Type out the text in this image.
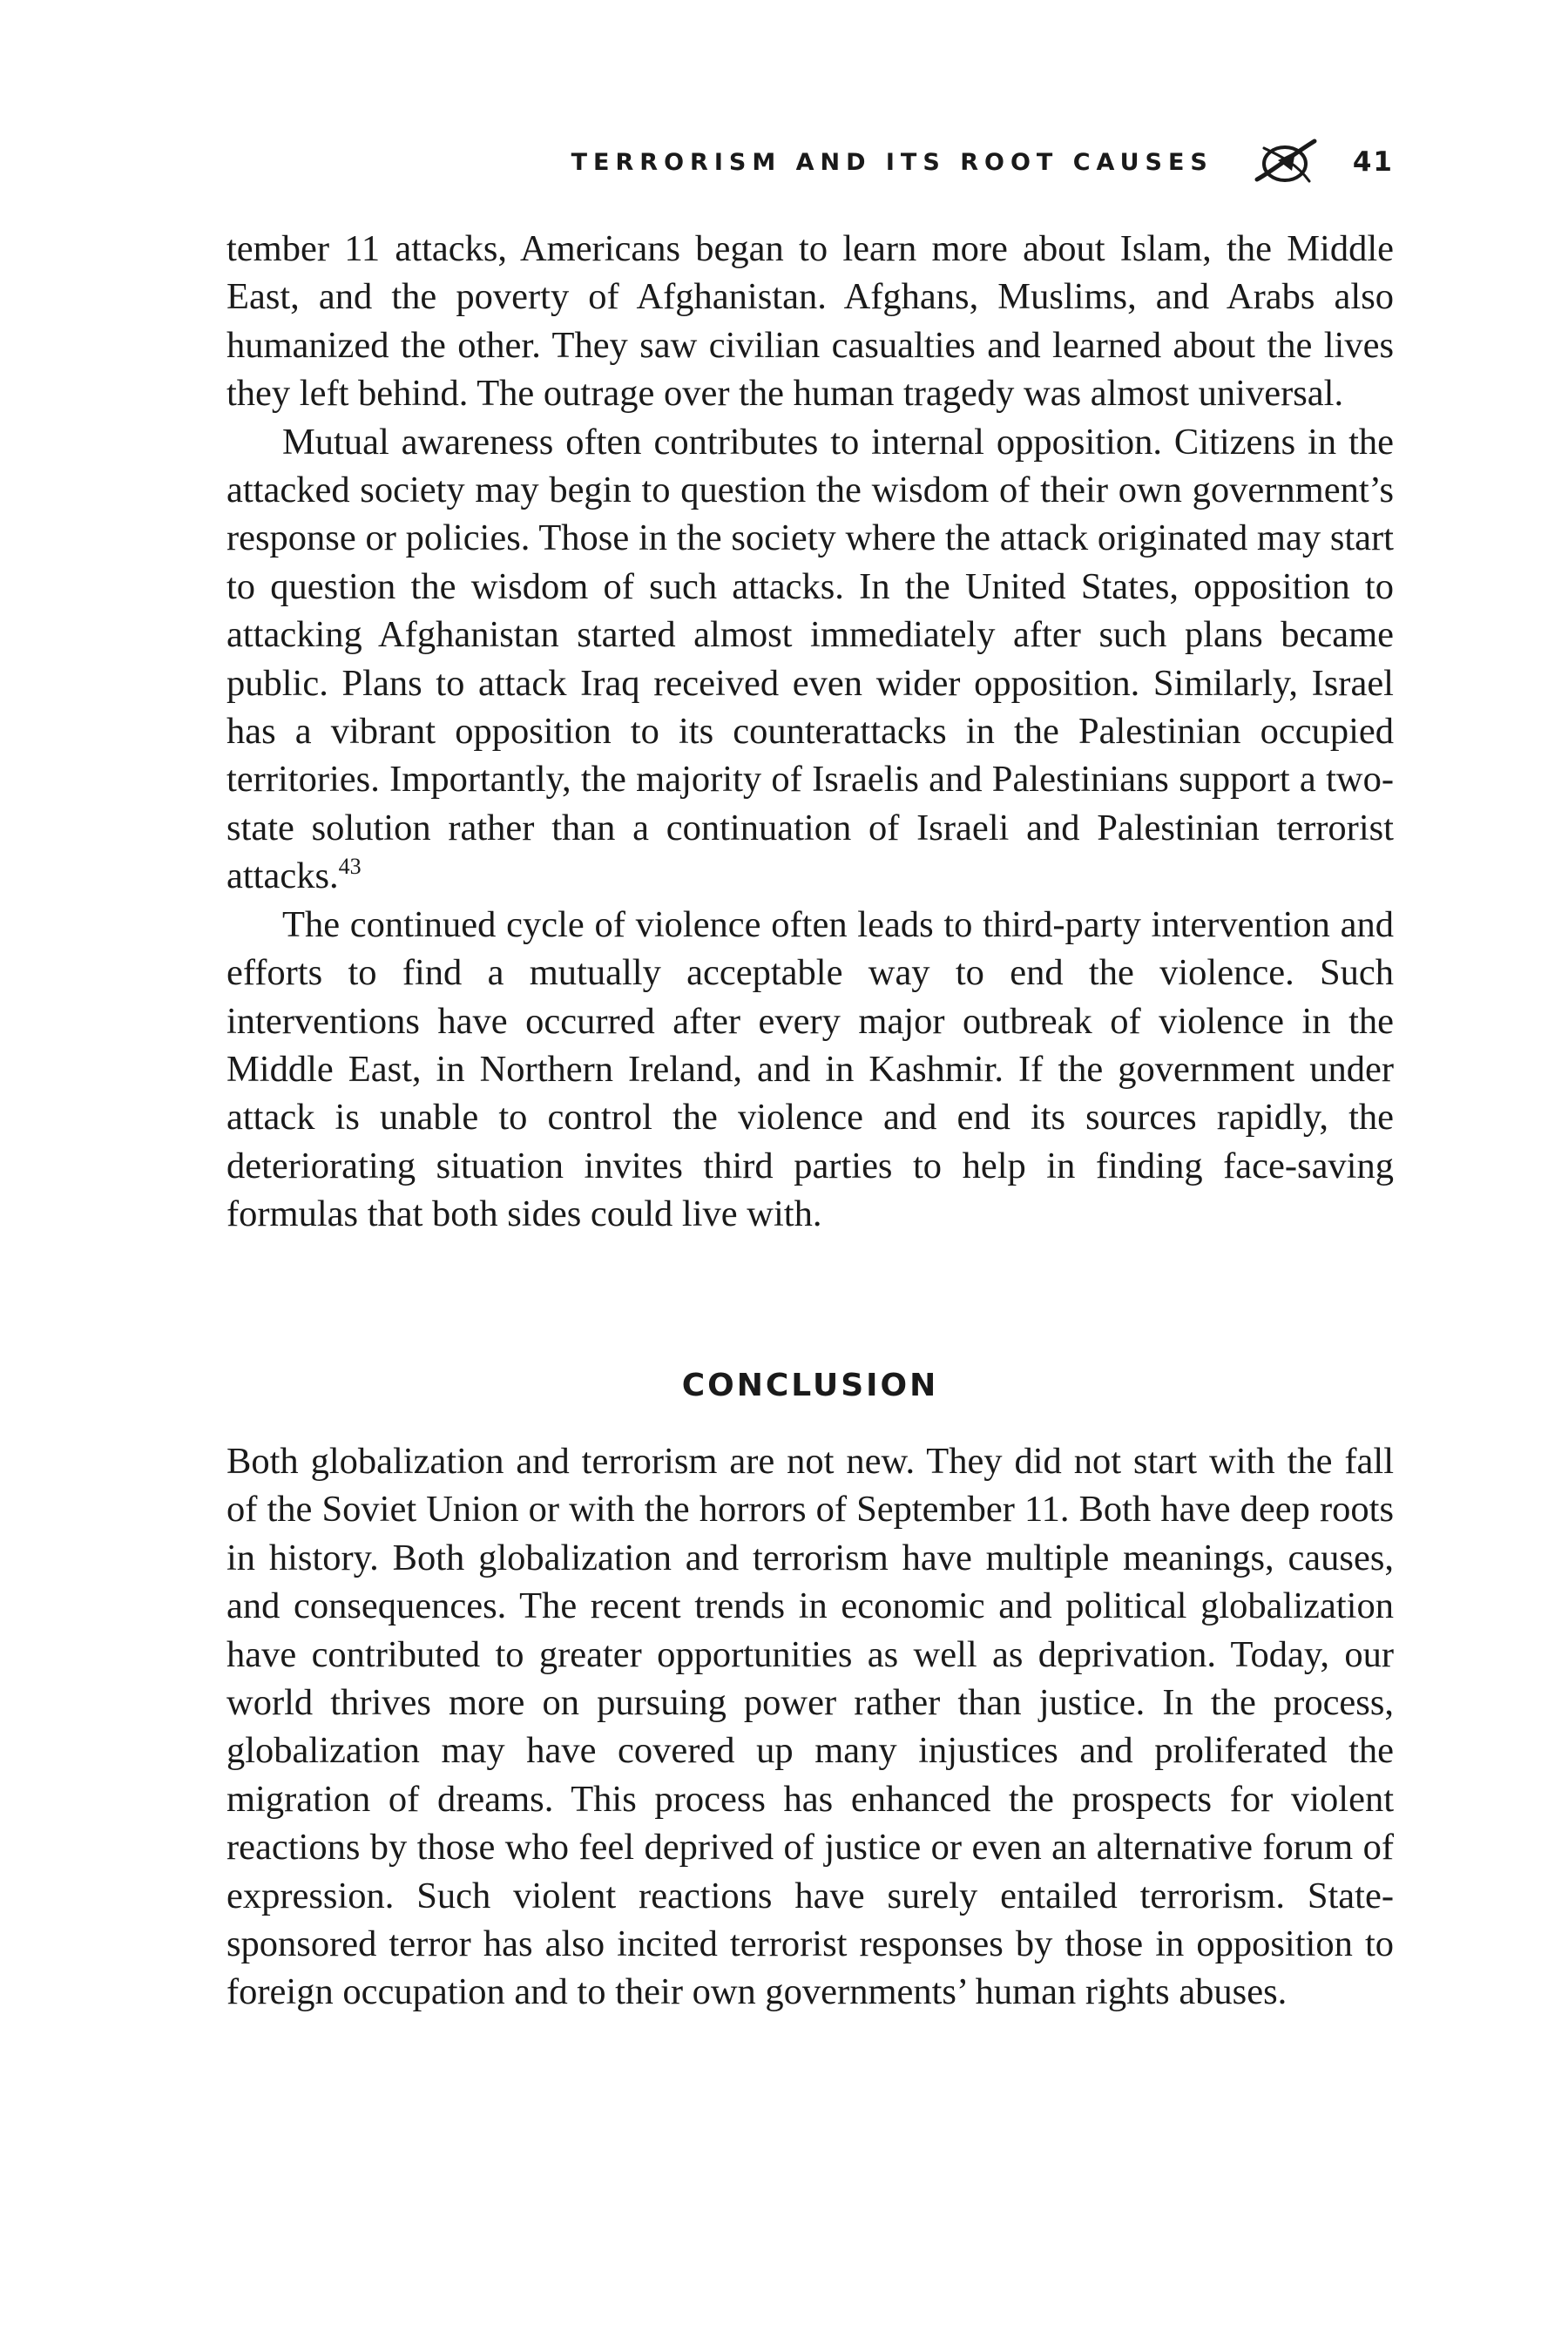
TERRORISM AND ITS ROOT CAUSES	41

tember 11 attacks, Americans began to learn more about Islam, the Middle East, and the poverty of Afghanistan. Afghans, Muslims, and Arabs also humanized the other. They saw civilian casualties and learned about the lives they left behind. The outrage over the human tragedy was almost universal.

Mutual awareness often contributes to internal opposition. Citizens in the attacked society may begin to question the wisdom of their own government’s response or policies. Those in the society where the attack originated may start to question the wisdom of such attacks. In the United States, opposition to attacking Afghanistan started almost immediately after such plans became public. Plans to attack Iraq received even wider opposition. Similarly, Israel has a vibrant opposition to its counterattacks in the Palestinian occupied territories. Importantly, the majority of Israelis and Palestinians support a two-state solution rather than a continuation of Israeli and Palestinian terrorist attacks.$^{43}$

The continued cycle of violence often leads to third-party intervention and efforts to find a mutually acceptable way to end the violence. Such interventions have occurred after every major outbreak of violence in the Middle East, in Northern Ireland, and in Kashmir. If the government under attack is unable to control the violence and end its sources rapidly, the deteriorating situation invites third parties to help in finding face-saving formulas that both sides could live with.

CONCLUSION

Both globalization and terrorism are not new. They did not start with the fall of the Soviet Union or with the horrors of September 11. Both have deep roots in history. Both globalization and terrorism have multiple meanings, causes, and consequences. The recent trends in economic and political globalization have contributed to greater opportunities as well as deprivation. Today, our world thrives more on pursuing power rather than justice. In the process, globalization may have covered up many injustices and proliferated the migration of dreams. This process has enhanced the prospects for violent reactions by those who feel deprived of justice or even an alternative forum of expression. Such violent reactions have surely entailed terrorism. State-sponsored terror has also incited terrorist responses by those in opposition to foreign occupation and to their own governments’ human rights abuses.
